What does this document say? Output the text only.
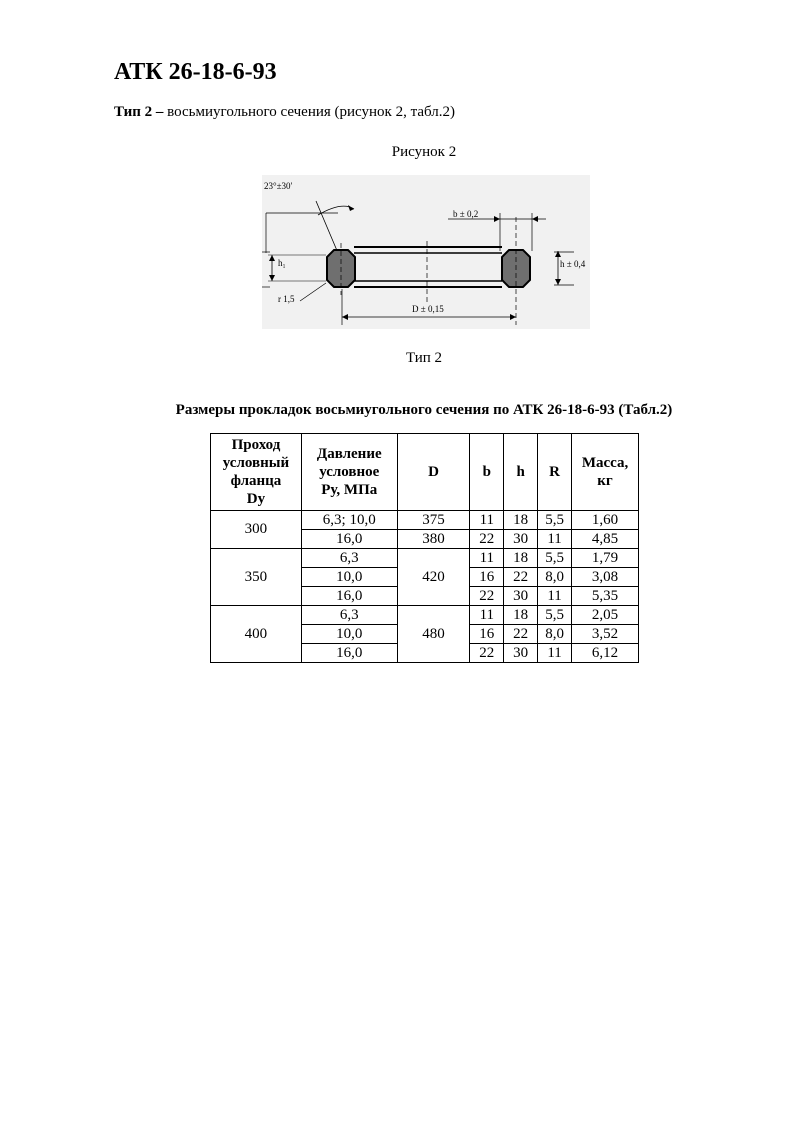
АТК 26-18-6-93
Тип 2 – восьмиугольного сечения (рисунок 2, табл.2)
Рисунок 2
23°±30′
b ± 0,2
h₁	h ± 0,4
r 1,5
D ± 0,15
Тип 2
Размеры прокладок восьмиугольного сечения по АТК 26-18-6-93 (Табл.2)
Проход
условный
фланца
Dy	Давление
условное
Ру, МПа	D	b	h	R	Масса,
кг
300	6,3; 10,0	375	11	18	5,5	1,60
	16,0	380	22	30	11	4,85
350	6,3	420	11	18	5,5	1,79
	10,0		16	22	8,0	3,08
	16,0		22	30	11	5,35
400	6,3	480	11	18	5,5	2,05
	10,0		16	22	8,0	3,52
	16,0		22	30	11	6,12
